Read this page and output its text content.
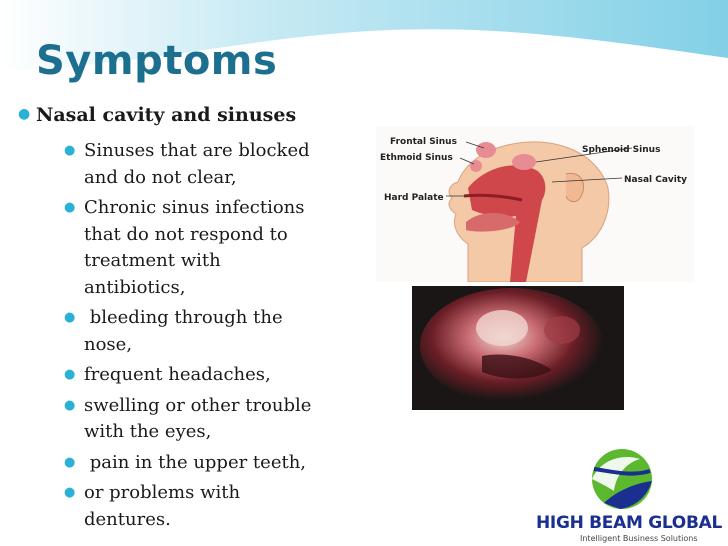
Symptoms
● Nasal cavity and sinuses
● Sinuses that are blocked and do not clear,
● Chronic sinus infections that do not respond to treatment with antibiotics,
● bleeding through the nose,
● frequent headaches,
● swelling or other trouble with the eyes,
● pain in the upper teeth,
● or problems with dentures.
Frontal Sinus
Sphenoid Sinus
Ethmoid Sinus
Nasal Cavity
Hard Palate
HIGH BEAM GLOBAL
Intelligent Business Solutions
